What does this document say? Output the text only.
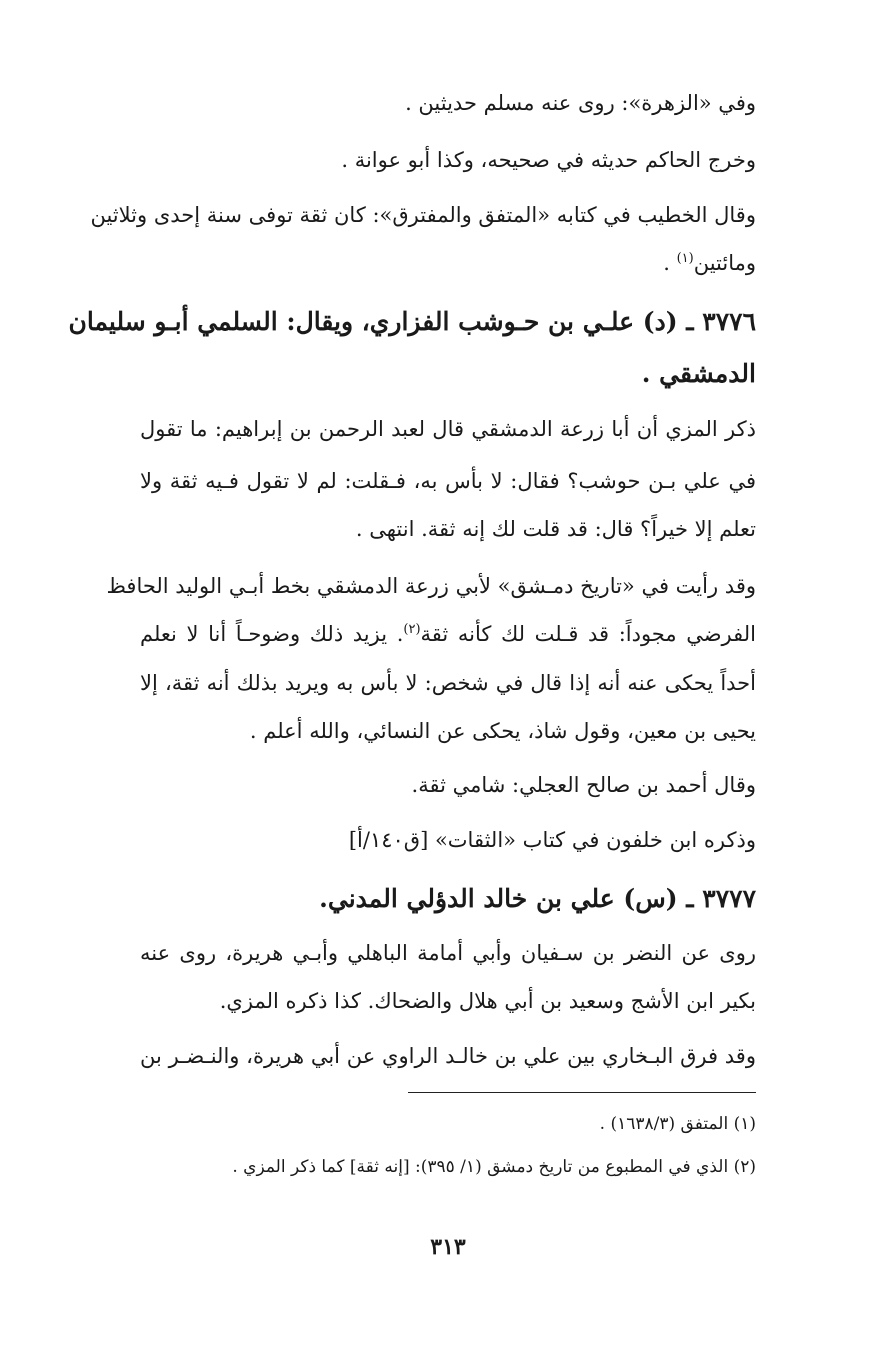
وفي «الزهرة»: روى عنه مسلم حديثين .
وخرج الحاكم حديثه في صحيحه، وكذا أبو عوانة .
وقال الخطيب في كتابه «المتفق والمفترق»: كان ثقة توفى سنة إحدى وثلاثين
ومائتين$^{(١)}$ .
٣٧٧٦ ـ (د) علـي بن حـوشب الفزاري، ويقال: السلمي أبـو سليمان
الدمشقي .
ذكر المزي أن أبا زرعة الدمشقي قال لعبد الرحمن بن إبراهيم: ما تقول
في علي بـن حوشب؟ فقال: لا بأس به، فـقلت: لم لا تقول فـيه ثقة ولا
تعلم إلا خيراً؟ قال: قد قلت لك إنه ثقة. انتهى .
وقد رأيت في «تاريخ دمـشق» لأبي زرعة الدمشقي بخط أبـي الوليد الحافظ
الفرضي مجوداً: قد قـلت لك كأنه ثقة$^{(٢)}$. يزيد ذلك وضوحـاً أنا لا نعلم
أحداً يحكى عنه أنه إذا قال في شخص: لا بأس به ويريد بذلك أنه ثقة، إلا
يحيى بن معين، وقول شاذ، يحكى عن النسائي، والله أعلم .
وقال أحمد بن صالح العجلي: شامي ثقة.
وذكره ابن خلفون في كتاب «الثقات» [ق١٤٠/أ]
٣٧٧٧ ـ (س) علي بن خالد الدؤلي المدني.
روى عن النضر بن سـفيان وأبي أمامة الباهلي وأبـي هريرة، روى عنه
بكير ابن الأشج وسعيد بن أبي هلال والضحاك. كذا ذكره المزي.
وقد فرق البـخاري بين علي بن خالـد الراوي عن أبي هريرة، والنـضـر بن
(١) المتفق (١٦٣٨/٣) .
(٢) الذي في المطبوع من تاريخ دمشق (١/ ٣٩٥): [إنه ثقة] كما ذكر المزي .
٣١٣
